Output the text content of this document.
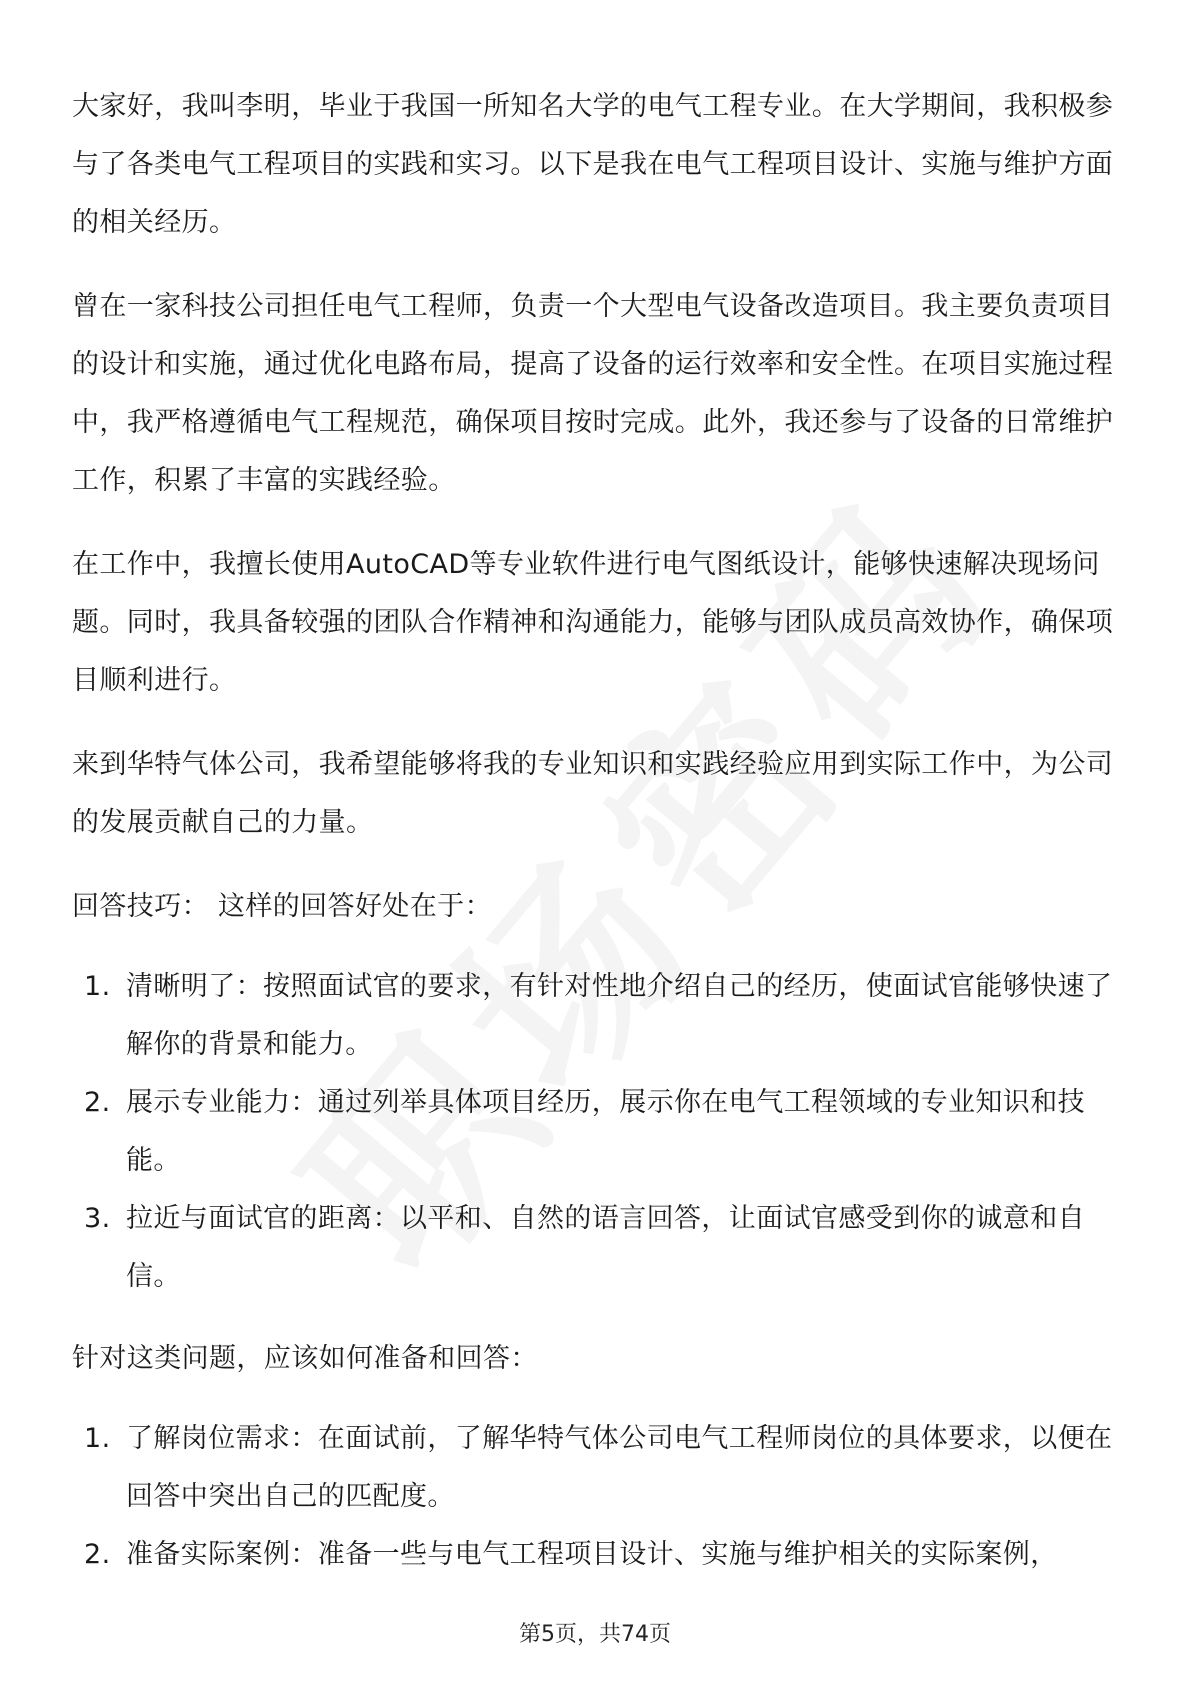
大家好，我叫李明，毕业于我国一所知名大学的电气工程专业。在大学期间，我积极参与了各类电气工程项目的实践和实习。以下是我在电气工程项目设计、实施与维护方面的相关经历。

曾在一家科技公司担任电气工程师，负责一个大型电气设备改造项目。我主要负责项目的设计和实施，通过优化电路布局，提高了设备的运行效率和安全性。在项目实施过程中，我严格遵循电气工程规范，确保项目按时完成。此外，我还参与了设备的日常维护工作，积累了丰富的实践经验。

在工作中，我擅长使用AutoCAD等专业软件进行电气图纸设计，能够快速解决现场问题。同时，我具备较强的团队合作精神和沟通能力，能够与团队成员高效协作，确保项目顺利进行。

来到华特气体公司，我希望能够将我的专业知识和实践经验应用到实际工作中，为公司的发展贡献自己的力量。

回答技巧： 这样的回答好处在于：

1. 清晰明了：按照面试官的要求，有针对性地介绍自己的经历，使面试官能够快速了解你的背景和能力。
2. 展示专业能力：通过列举具体项目经历，展示你在电气工程领域的专业知识和技能。
3. 拉近与面试官的距离：以平和、自然的语言回答，让面试官感受到你的诚意和自信。

针对这类问题，应该如何准备和回答：

1. 了解岗位需求：在面试前，了解华特气体公司电气工程师岗位的具体要求，以便在回答中突出自己的匹配度。
2. 准备实际案例：准备一些与电气工程项目设计、实施与维护相关的实际案例，
第5页，共74页
